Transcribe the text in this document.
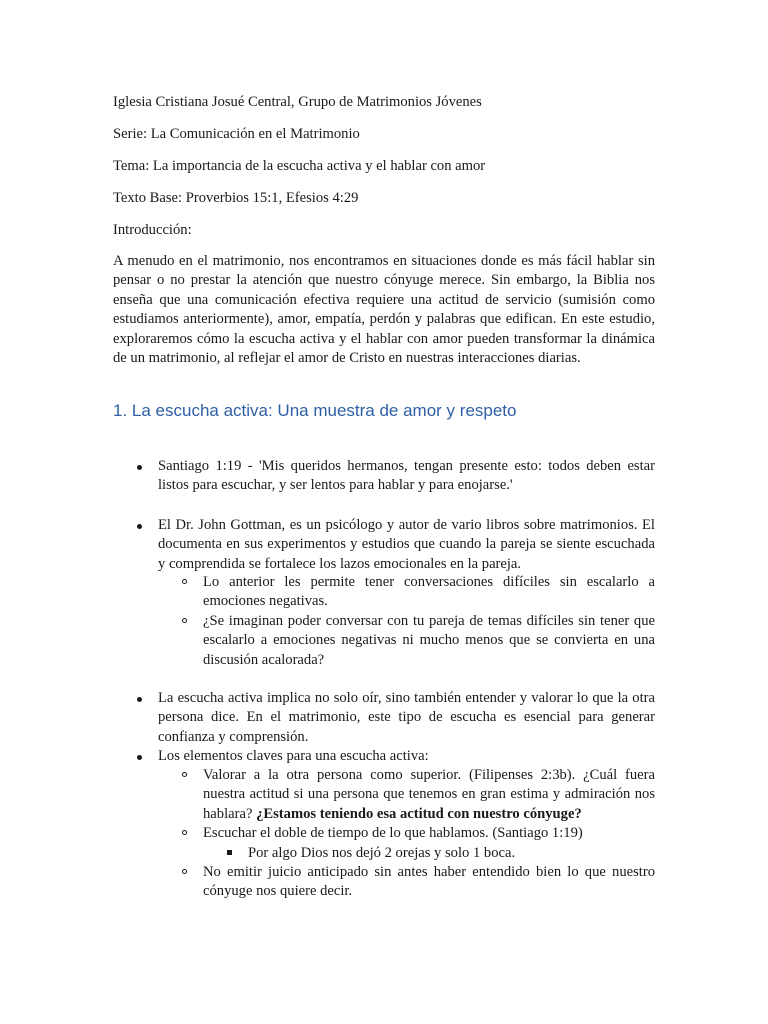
Iglesia Cristiana Josué Central, Grupo de Matrimonios Jóvenes
Serie: La Comunicación en el Matrimonio
Tema: La importancia de la escucha activa y el hablar con amor
Texto Base: Proverbios 15:1, Efesios 4:29
Introducción:

A menudo en el matrimonio, nos encontramos en situaciones donde es más fácil hablar sin pensar o no prestar la atención que nuestro cónyuge merece. Sin embargo, la Biblia nos enseña que una comunicación efectiva requiere una actitud de servicio (sumisión como estudiamos anteriormente), amor, empatía, perdón y palabras que edifican. En este estudio, exploraremos cómo la escucha activa y el hablar con amor pueden transformar la dinámica de un matrimonio, al reflejar el amor de Cristo en nuestras interacciones diarias.

1. La escucha activa: Una muestra de amor y respeto

Santiago 1:19 - 'Mis queridos hermanos, tengan presente esto: todos deben estar listos para escuchar, y ser lentos para hablar y para enojarse.'

El Dr. John Gottman, es un psicólogo y autor de vario libros sobre matrimonios. El documenta en sus experimentos y estudios que cuando la pareja se siente escuchada y comprendida se fortalece los lazos emocionales en la pareja.

Lo anterior les permite tener conversaciones difíciles sin escalarlo a emociones negativas.

¿Se imaginan poder conversar con tu pareja de temas difíciles sin tener que escalarlo a emociones negativas ni mucho menos que se convierta en una discusión acalorada?

La escucha activa implica no solo oír, sino también entender y valorar lo que la otra persona dice. En el matrimonio, este tipo de escucha es esencial para generar confianza y comprensión.

Los elementos claves para una escucha activa:

Valorar a la otra persona como superior. (Filipenses 2:3b). ¿Cuál fuera nuestra actitud si una persona que tenemos en gran estima y admiración nos hablara? ¿Estamos teniendo esa actitud con nuestro cónyuge?

Escuchar el doble de tiempo de lo que hablamos. (Santiago 1:19)

Por algo Dios nos dejó 2 orejas y solo 1 boca.

No emitir juicio anticipado sin antes haber entendido bien lo que nuestro cónyuge nos quiere decir.
